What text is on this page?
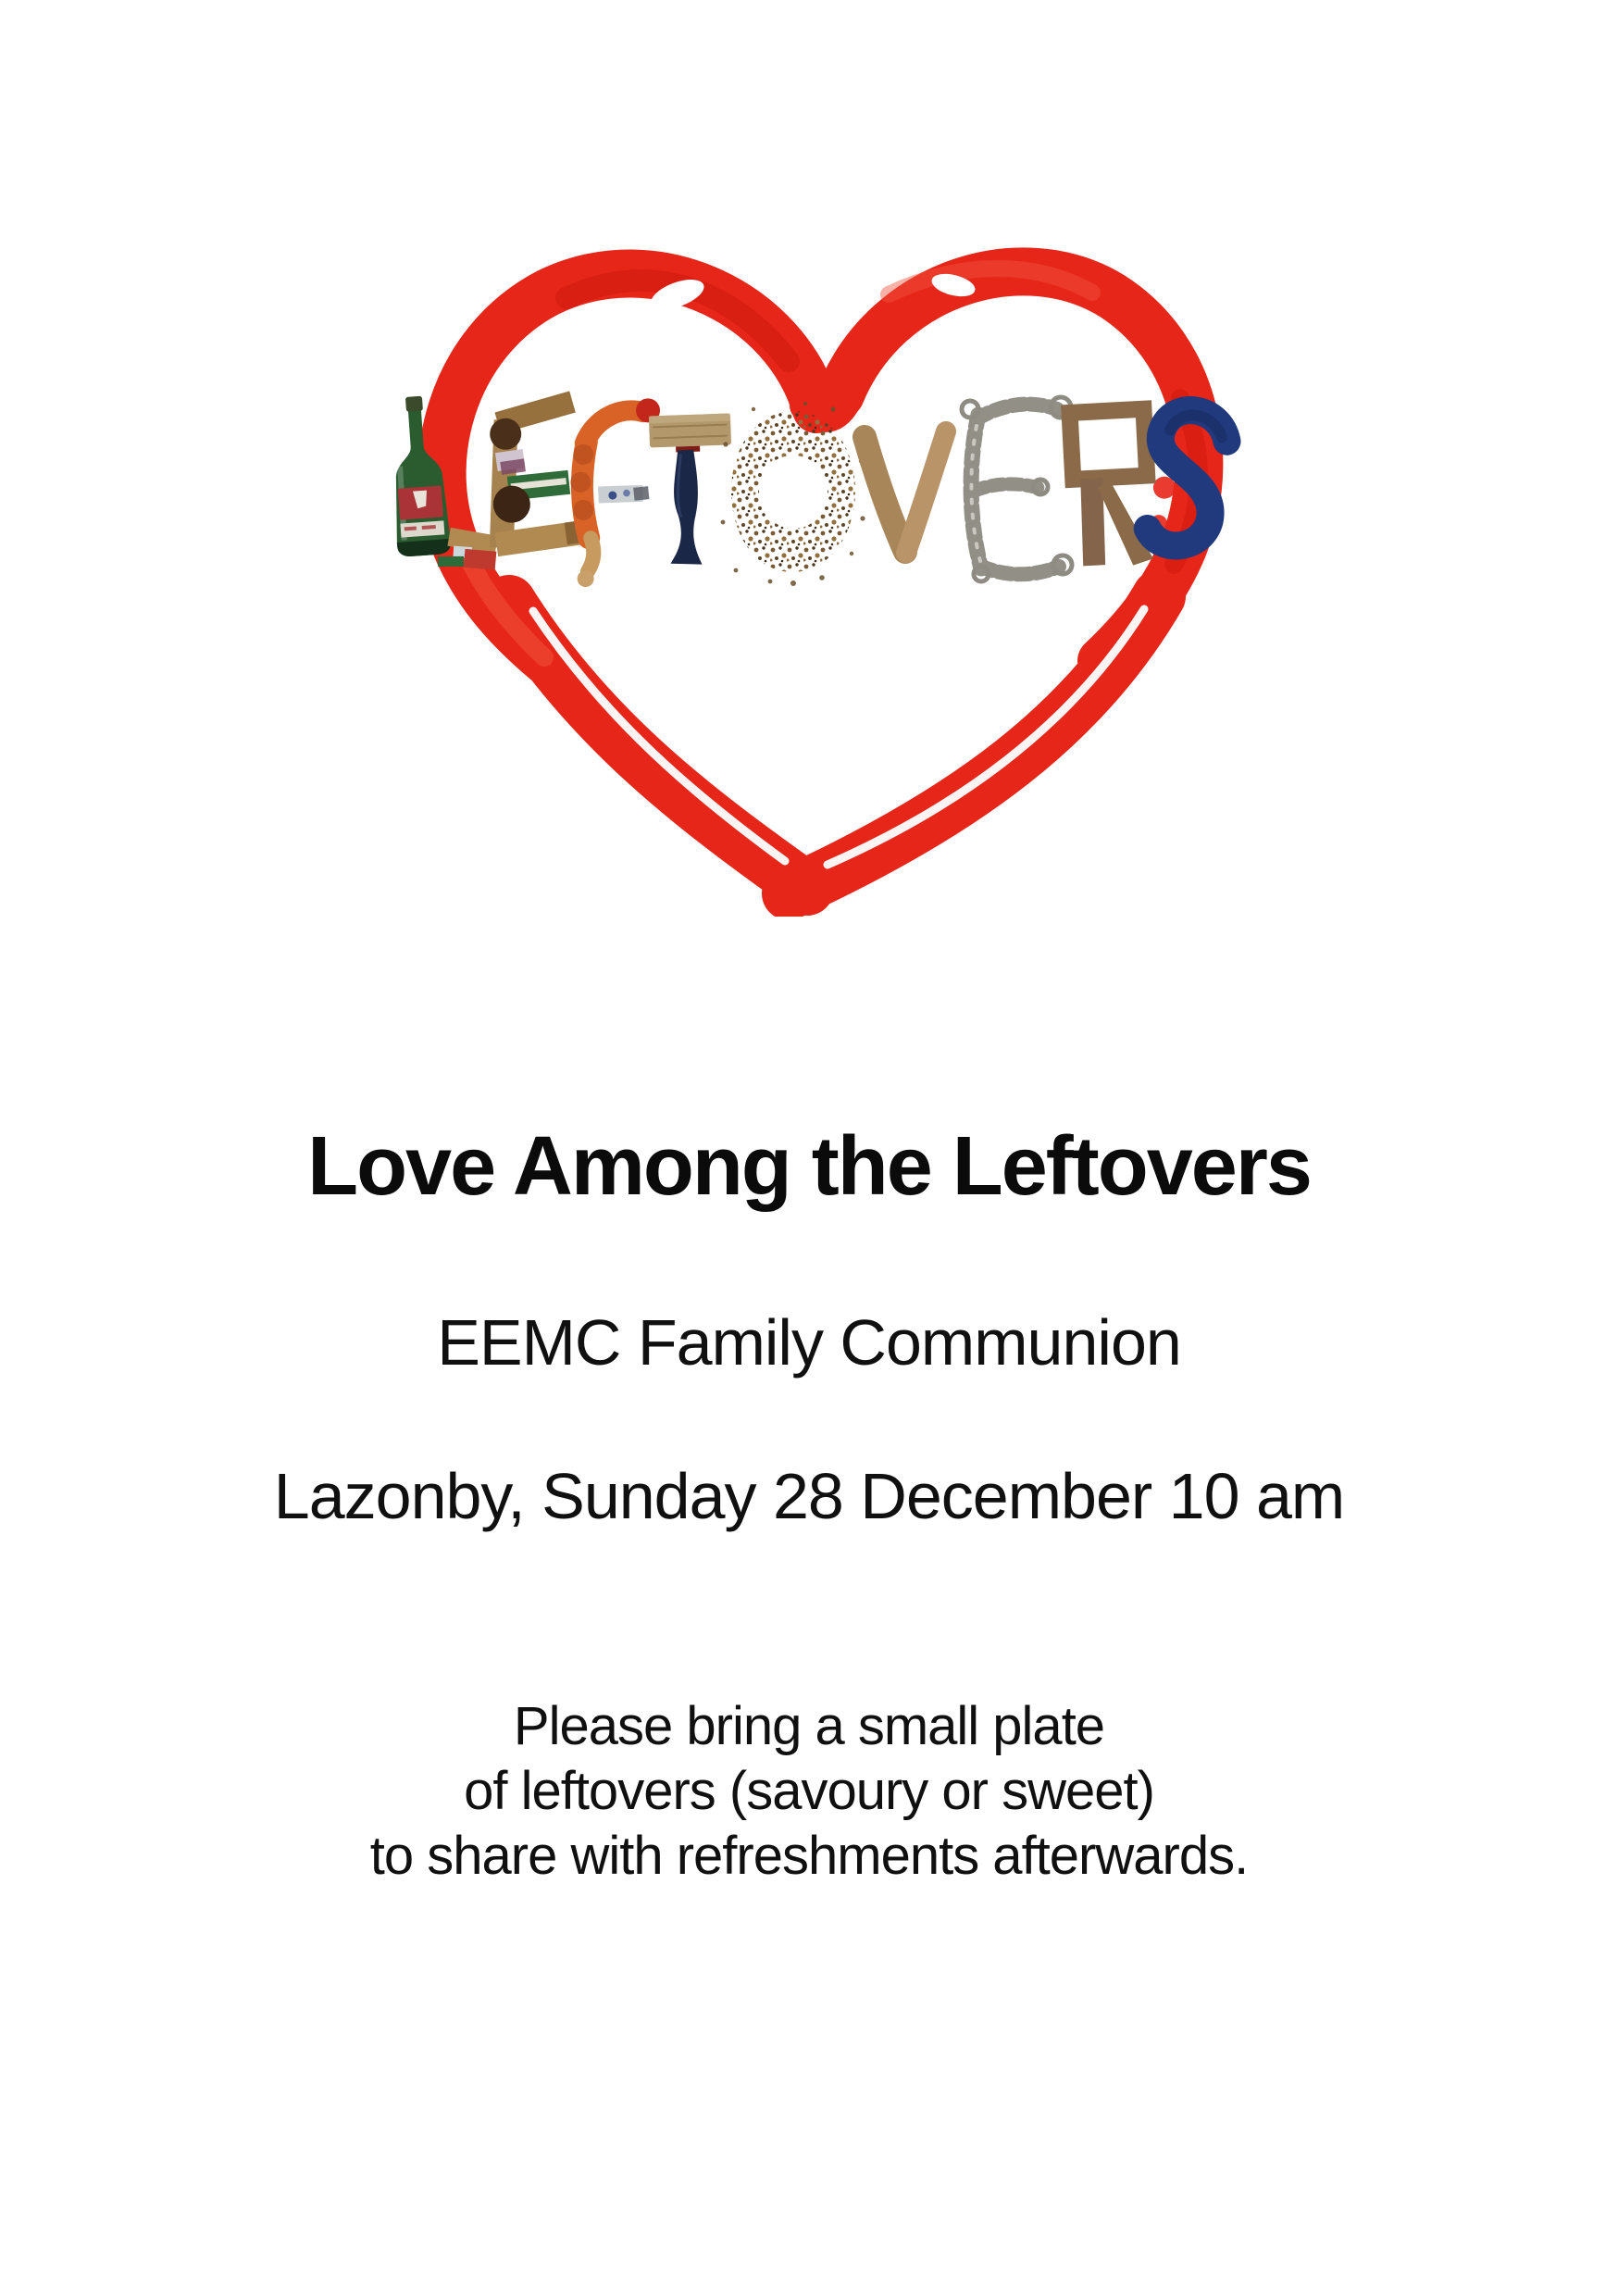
Love Among the Leftovers
EEMC Family Communion
Lazonby, Sunday 28 December 10 am
Please bring a small plate
of leftovers (savoury or sweet)
to share with refreshments afterwards.
